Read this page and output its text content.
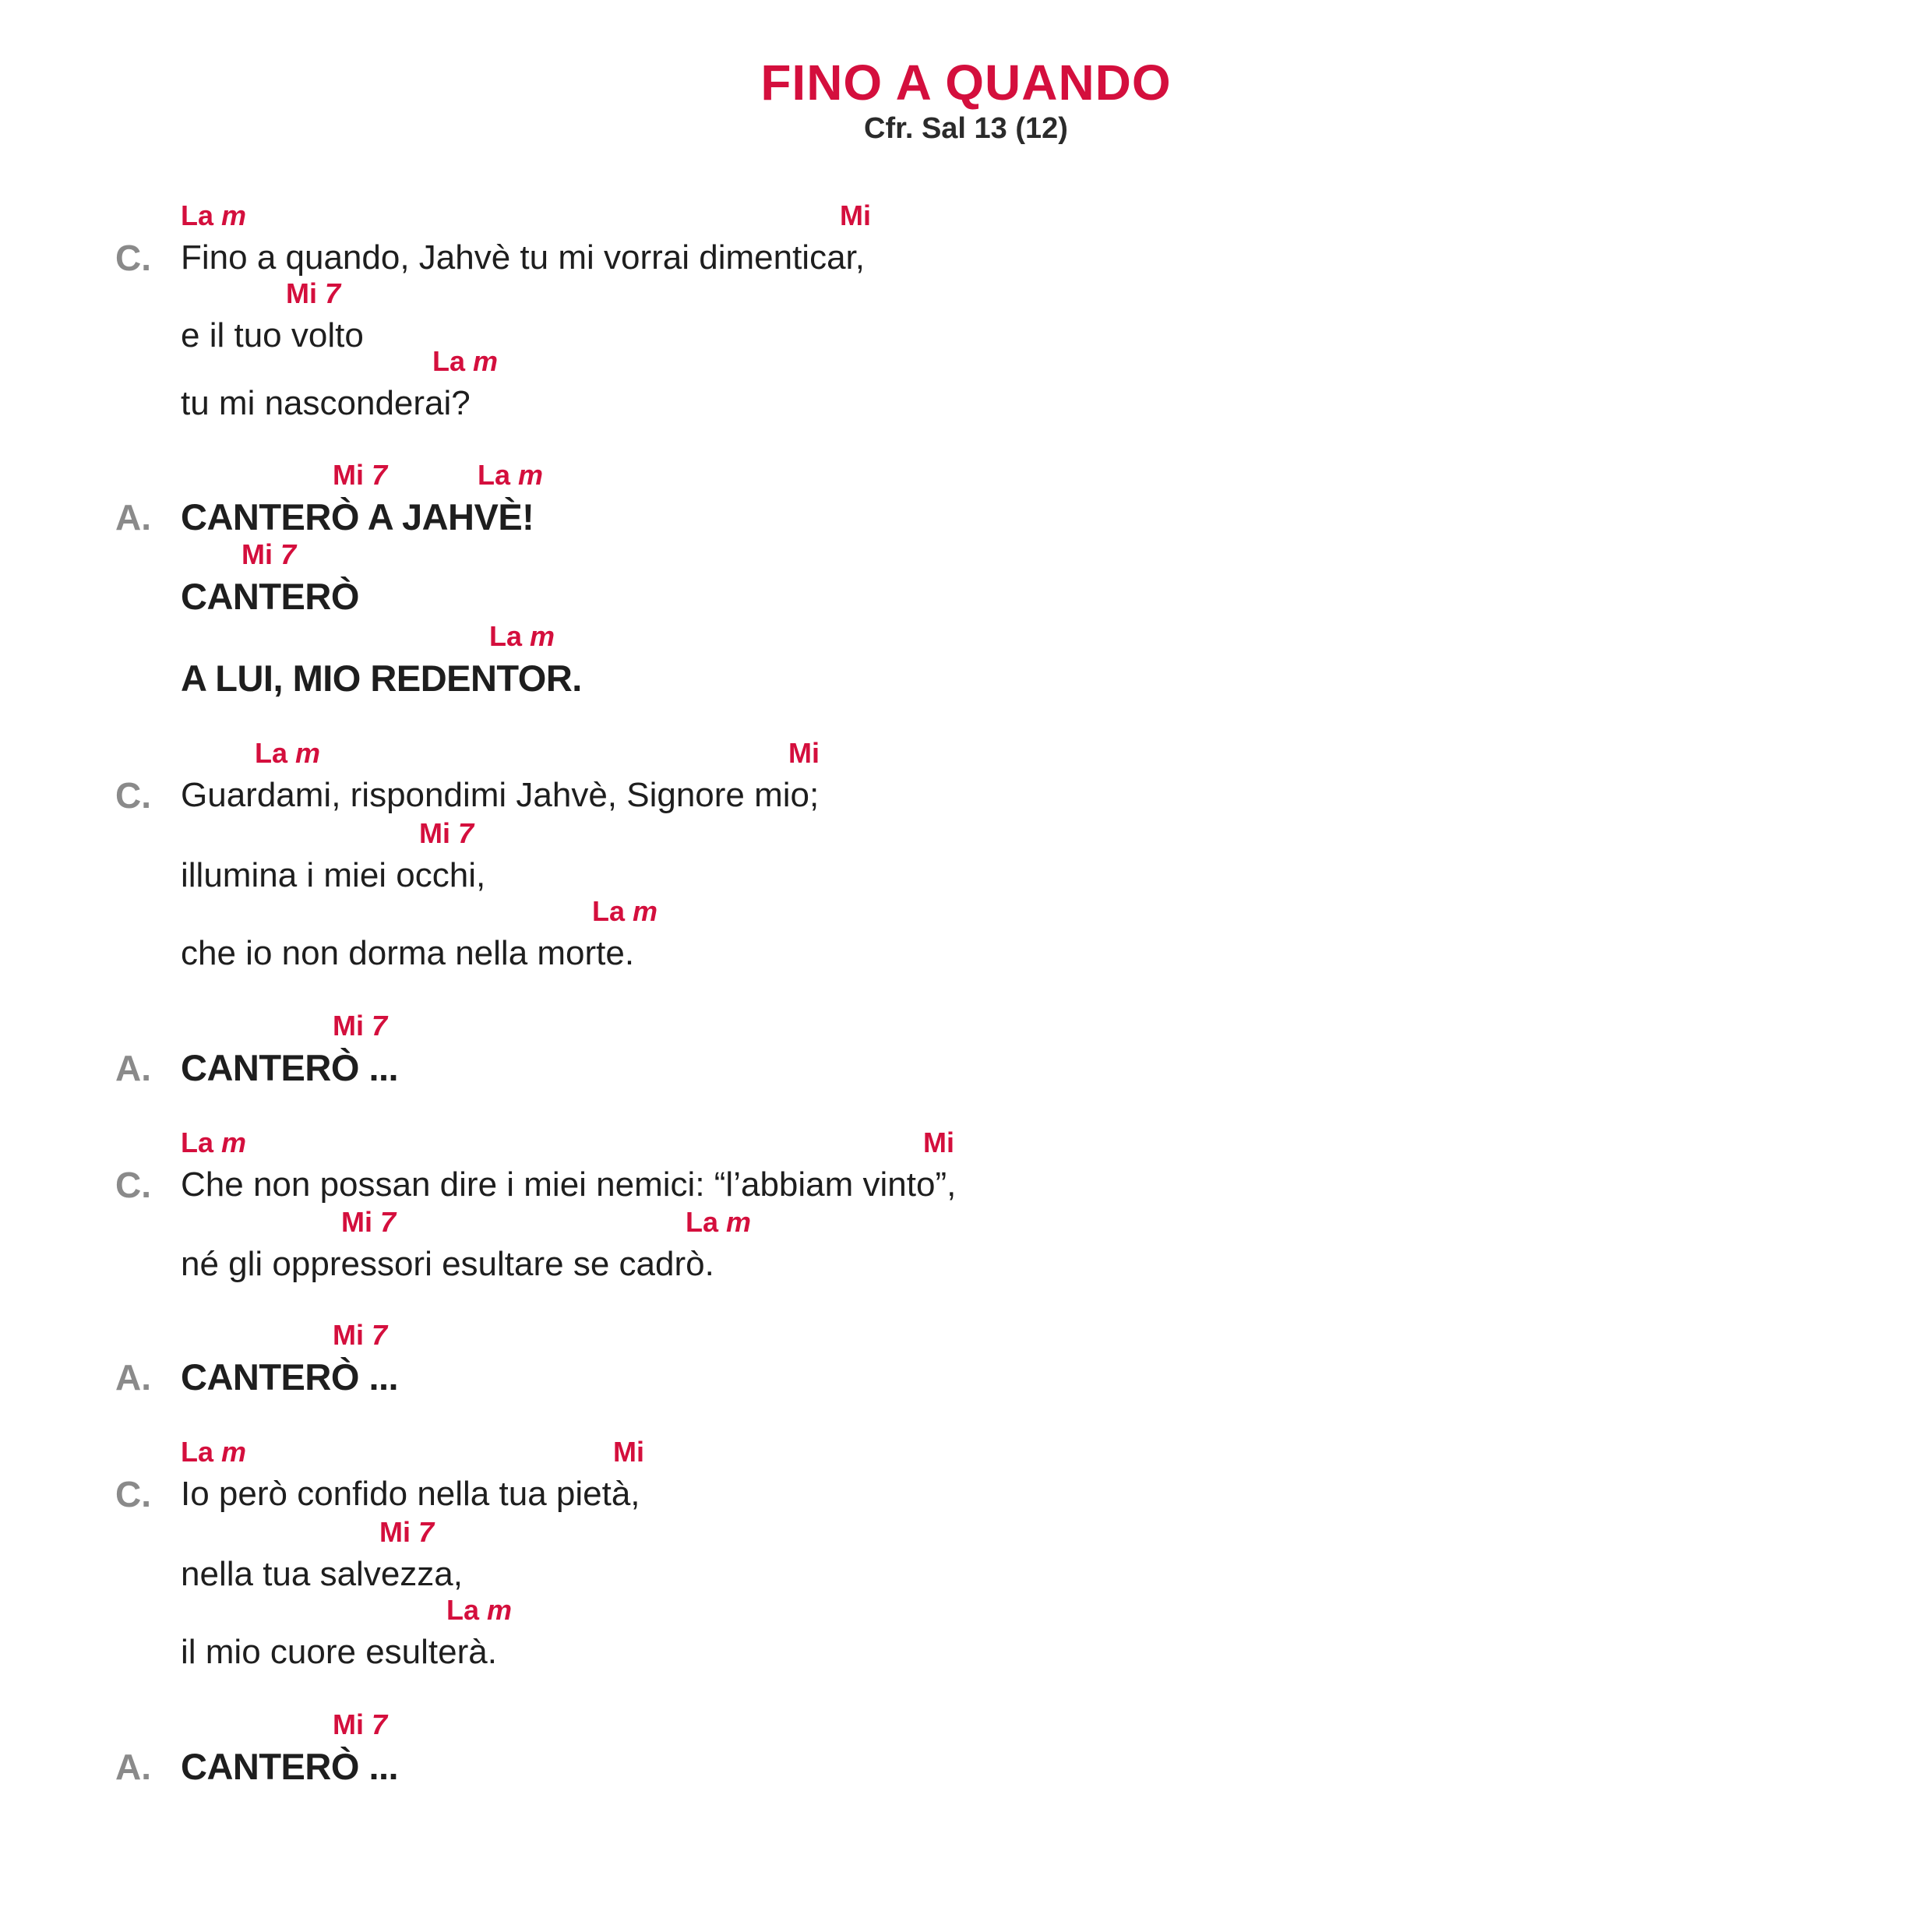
FINO A QUANDO
Cfr. Sal 13 (12)
C. Fino a quando, Jahvè tu mi vorrai dimenticar,
La m	Mi
e il tuo volto
Mi 7
tu mi nasconderai?
La m
A. CANTERÒ A JAHVÈ!
Mi 7	La m
CANTERÒ
Mi 7
A LUI, MIO REDENTOR.
La m
C. Guardami, rispondimi Jahvè, Signore mio;
La m	Mi
illumina i miei occhi,
Mi 7
che io non dorma nella morte.
La m
A. CANTERÒ ...
Mi 7
C. Che non possan dire i miei nemici: “l’abbiam vinto”,
La m	Mi
né gli oppressori esultare se cadrò.
Mi 7	La m
A. CANTERÒ ...
Mi 7
C. Io però confido nella tua pietà,
La m	Mi
nella tua salvezza,
Mi 7
il mio cuore esulterà.
La m
A. CANTERÒ ...
Mi 7
